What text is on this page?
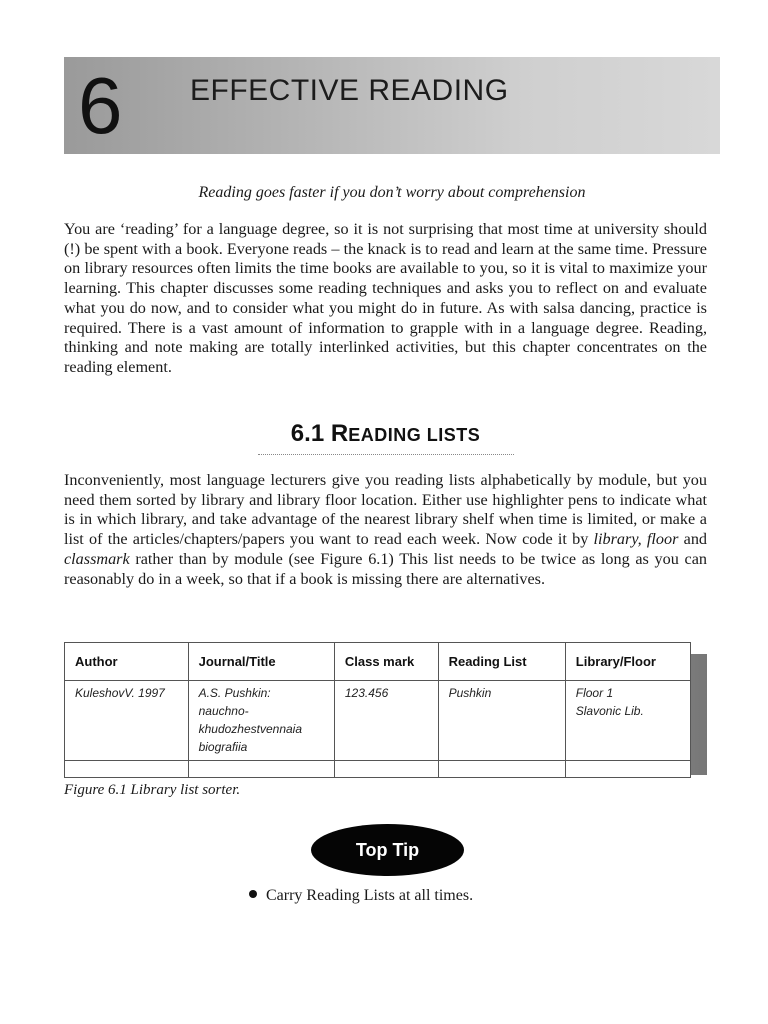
6 EFFECTIVE READING
Reading goes faster if you don’t worry about comprehension

You are ‘reading’ for a language degree, so it is not surprising that most time at university should (!) be spent with a book. Everyone reads – the knack is to read and learn at the same time. Pressure on library resources often limits the time books are available to you, so it is vital to maximize your learning. This chapter discusses some reading techniques and asks you to reflect on and evaluate what you do now, and to consider what you might do in future. As with salsa dancing, practice is required. There is a vast amount of information to grapple with in a language degree. Reading, thinking and note making are totally interlinked activities, but this chapter concentrates on the reading element.

6.1 READING LISTS

Inconveniently, most language lecturers give you reading lists alphabetically by module, but you need them sorted by library and library floor location. Either use highlighter pens to indicate what is in which library, and take advantage of the nearest library shelf when time is limited, or make a list of the articles/chapters/papers you want to read each week. Now code it by library, floor and classmark rather than by module (see Figure 6.1) This list needs to be twice as long as you can reasonably do in a week, so that if a book is missing there are alternatives.

Author	Journal/Title	Class mark	Reading List	Library/Floor
KuleshovV. 1997	A.S. Pushkin: nauchno-
khudozhestvennaia
biografiia	123.456	Pushkin	Floor 1
Slavonic Lib.

Figure 6.1 Library list sorter.
Top Tip
Carry Reading Lists at all times.
